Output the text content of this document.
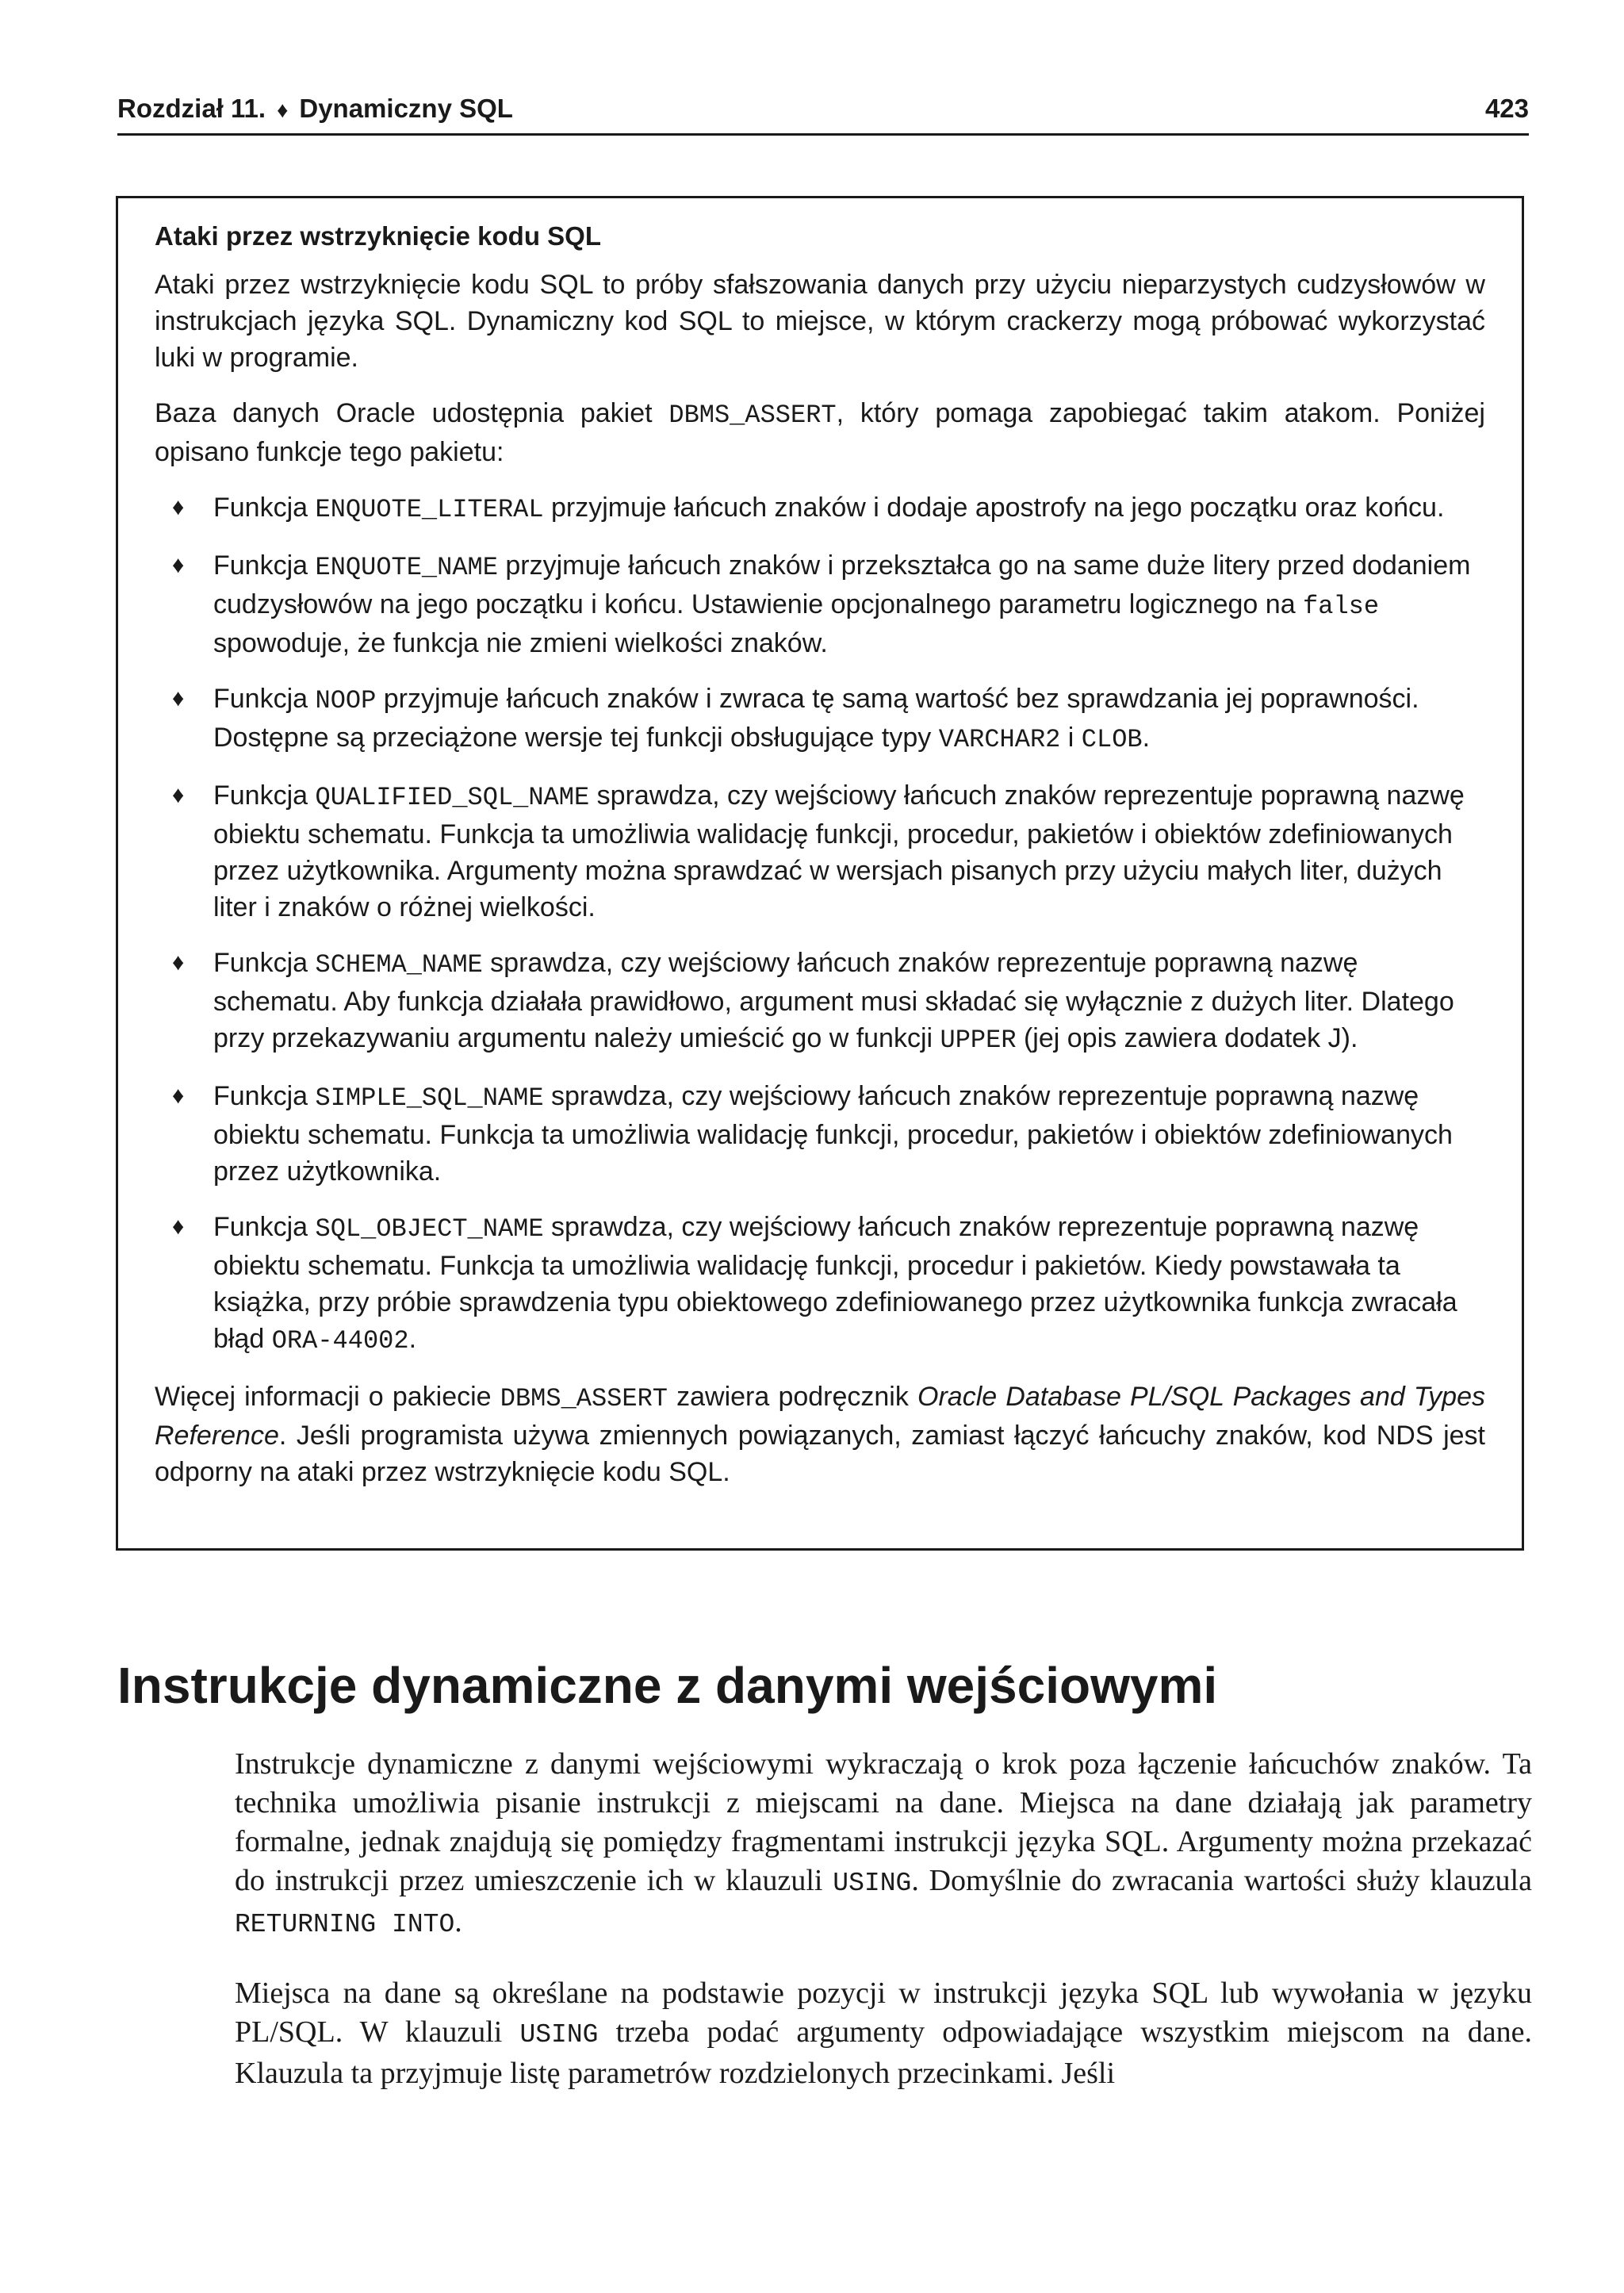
Rozdział 11. ♦ Dynamiczny SQL	423
Ataki przez wstrzyknięcie kodu SQL

Ataki przez wstrzyknięcie kodu SQL to próby sfałszowania danych przy użyciu nieparzystych cudzysłowów w instrukcjach języka SQL. Dynamiczny kod SQL to miejsce, w którym crackerzy mogą próbować wykorzystać luki w programie.

Baza danych Oracle udostępnia pakiet DBMS_ASSERT, który pomaga zapobiegać takim atakom. Poniżej opisano funkcje tego pakietu:

♦ Funkcja ENQUOTE_LITERAL przyjmuje łańcuch znaków i dodaje apostrofy na jego początku oraz końcu.
♦ Funkcja ENQUOTE_NAME przyjmuje łańcuch znaków i przekształca go na same duże litery przed dodaniem cudzysłowów na jego początku i końcu. Ustawienie opcjonalnego parametru logicznego na false spowoduje, że funkcja nie zmieni wielkości znaków.
♦ Funkcja NOOP przyjmuje łańcuch znaków i zwraca tę samą wartość bez sprawdzania jej poprawności. Dostępne są przeciążone wersje tej funkcji obsługujące typy VARCHAR2 i CLOB.
♦ Funkcja QUALIFIED_SQL_NAME sprawdza, czy wejściowy łańcuch znaków reprezentuje poprawną nazwę obiektu schematu. Funkcja ta umożliwia walidację funkcji, procedur, pakietów i obiektów zdefiniowanych przez użytkownika. Argumenty można sprawdzać w wersjach pisanych przy użyciu małych liter, dużych liter i znaków o różnej wielkości.
♦ Funkcja SCHEMA_NAME sprawdza, czy wejściowy łańcuch znaków reprezentuje poprawną nazwę schematu. Aby funkcja działała prawidłowo, argument musi składać się wyłącznie z dużych liter. Dlatego przy przekazywaniu argumentu należy umieścić go w funkcji UPPER (jej opis zawiera dodatek J).
♦ Funkcja SIMPLE_SQL_NAME sprawdza, czy wejściowy łańcuch znaków reprezentuje poprawną nazwę obiektu schematu. Funkcja ta umożliwia walidację funkcji, procedur, pakietów i obiektów zdefiniowanych przez użytkownika.
♦ Funkcja SQL_OBJECT_NAME sprawdza, czy wejściowy łańcuch znaków reprezentuje poprawną nazwę obiektu schematu. Funkcja ta umożliwia walidację funkcji, procedur i pakietów. Kiedy powstawała ta książka, przy próbie sprawdzenia typu obiektowego zdefiniowanego przez użytkownika funkcja zwracała błąd ORA-44002.

Więcej informacji o pakiecie DBMS_ASSERT zawiera podręcznik Oracle Database PL/SQL Packages and Types Reference. Jeśli programista używa zmiennych powiązanych, zamiast łączyć łańcuchy znaków, kod NDS jest odporny na ataki przez wstrzyknięcie kodu SQL.

Instrukcje dynamiczne z danymi wejściowymi

Instrukcje dynamiczne z danymi wejściowymi wykraczają o krok poza łączenie łańcuchów znaków. Ta technika umożliwia pisanie instrukcji z miejscami na dane. Miejsca na dane działają jak parametry formalne, jednak znajdują się pomiędzy fragmentami instrukcji języka SQL. Argumenty można przekazać do instrukcji przez umieszczenie ich w klauzuli USING. Domyślnie do zwracania wartości służy klauzula RETURNING INTO.

Miejsca na dane są określane na podstawie pozycji w instrukcji języka SQL lub wywołania w języku PL/SQL. W klauzuli USING trzeba podać argumenty odpowiadające wszystkim miejscom na dane. Klauzula ta przyjmuje listę parametrów rozdzielonych przecinkami. Jeśli
